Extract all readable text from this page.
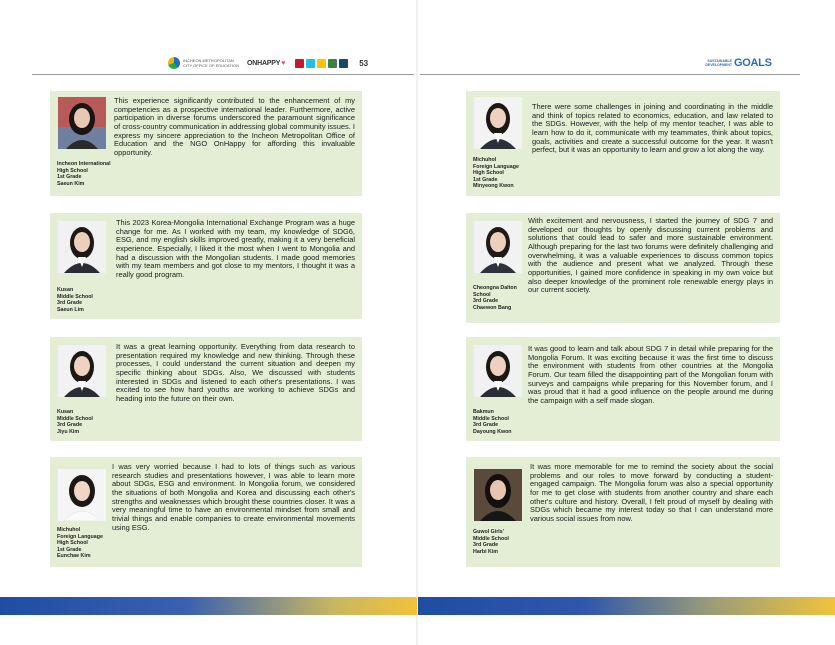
INCHEON METROPOLITAN CITY OFFICE OF EDUCATION	ONHAPPY ♥	53
Incheon International
High School
1st Grade
Saeun Kim
This experience significantly contributed to the enhancement of my competencies as a prospective international leader. Furthermore, active participation in diverse forums underscored the paramount significance of cross-country communication in addressing global community issues. I express my sincere appreciation to the Incheon Metropolitan Office of Education and the NGO OnHappy for affording this invaluable opportunity.
Kusan
Middle School
3rd Grade
Saeun Lim
This 2023 Korea-Mongolia International Exchange Program was a huge change for me. As I worked with my team, my knowledge of SDG6, ESG, and my english skills improved greatly, making it a very beneficial experience. Especially, I liked it the most when I went to Mongolia and had a discussion with the Mongolian students. I made good memories with my team members and got close to my mentors, I thought it was a really good program.
Kusan
Middle School
3rd Grade
Jiyu Kim
It was a great learning opportunity. Everything from data research to presentation required my knowledge and new thinking. Through these processes, I could understand the current situation and deepen my specific thinking about SDGs. Also, We discussed with students interested in SDGs and listened to each other's presentations. I was excited to see how hard youths are working to achieve SDGs and heading into the future on their own.
Michuhol
Foreign Language
High School
1st Grade
Eunchae Kim
I was very worried because I had to lots of things such as various research studies and presentations however, I was able to learn more about SDGs, ESG and environment. In Mongolia forum, we considered the situations of both Mongolia and Korea and discussing each other's strengths and weaknesses which brought these countries closer. It was a very meaningful time to have an environmental mindset from small and trivial things and enable companies to create environmental movements using ESG.
SUSTAINABLE DEVELOPMENT GOALS
Michuhol
Foreign Language
High School
1st Grade
Minyeong Kwon
There were some challenges in joining and coordinating in the middle and think of topics related to economics, education, and law related to the SDGs. However, with the help of my mentor teacher, I was able to learn how to do it, communicate with my teammates, think about topics, goals, activities and create a successful outcome for the year. It wasn't perfect, but it was an opportunity to learn and grow a lot along the way.
Cheongna Dalton
School
3rd Grade
Chaewon Bang
With excitement and nervousness, I started the journey of SDG 7 and developed our thoughts by openly discussing current problems and solutions that could lead to safer and more sustainable environment. Although preparing for the last two forums were definitely challenging and overwhelming, it was a valuable experiences to discuss common topics with the audience and present what we analyzed. Through these opportunities, I gained more confidence in speaking in my own voice but also deeper knowledge of the prominent role renewable energy plays in our current society.
Bakmun
Middle School
3rd Grade
Dayoung Kwon
It was good to learn and talk about SDG 7 in detail while preparing for the Mongolia Forum. It was exciting because it was the first time to discuss the environment with students from other countries at the Mongolia Forum. Our team filled the disappointing part of the Mongolian forum with surveys and campaigns while preparing for this November forum, and I was proud that it had a good influence on the people around me during the campaign with a self made slogan.
Guwol Girls'
Middle School
3rd Grade
Harbi Kim
It was more memorable for me to remind the society about the social problems and our roles to move forward by conducting a student-engaged campaign. The Mongolia forum was also a special opportunity for me to get close with students from another country and share each other's culture and history. Overall, I felt proud of myself by dealing with SDGs which became my interest today so that I can understand more various social issues from now.
